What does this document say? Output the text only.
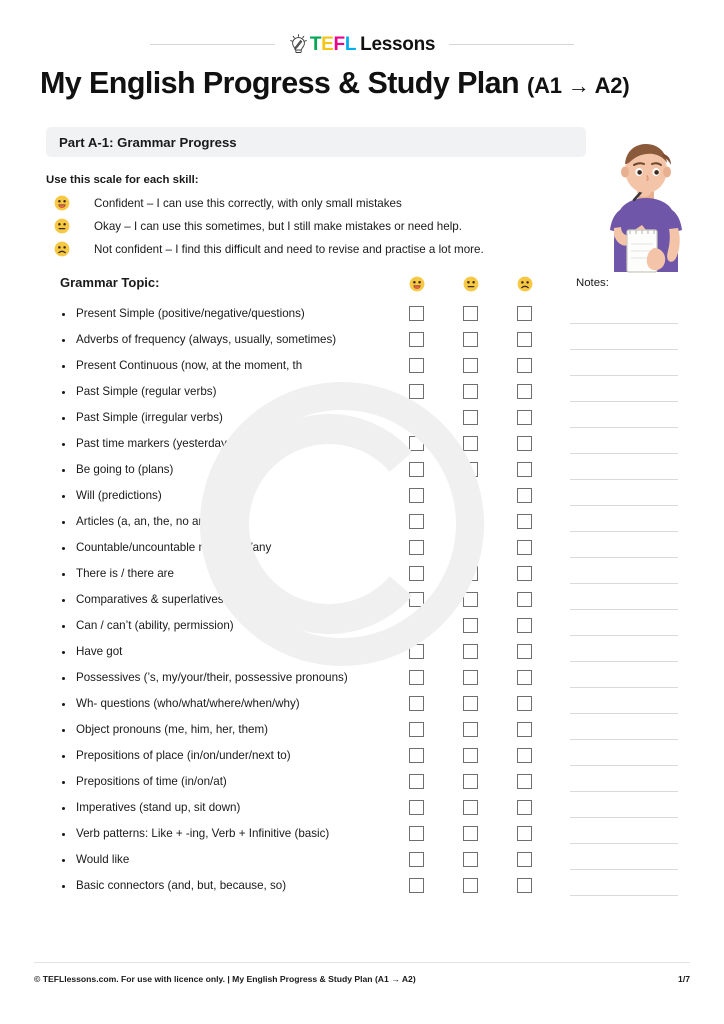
TEFL Lessons
My English Progress & Study Plan (A1 → A2)
Part A-1: Grammar Progress
Use this scale for each skill:
Confident – I can use this correctly, with only small mistakes
Okay – I can use this sometimes, but I still make mistakes or need help.
Not confident – I find this difficult and need to revise and practise a lot more.
Grammar Topic:	Notes:
Present Simple (positive/negative/questions)
Adverbs of frequency (always, usually, sometimes)
Present Continuous (now, at the moment, th
Past Simple (regular verbs)
Past Simple (irregular verbs)
Past time markers (yesterday o, last ck)
Be going to (plans)
Will (predictions)
Articles (a, an, the, no article)
Countable/uncountable nouns me/any
There is / there are
Comparatives & superlatives
Can / can’t (ability, permission)
Have got
Possessives (’s, my/your/their, possessive pronouns)
Wh- questions (who/what/where/when/why)
Object pronouns (me, him, her, them)
Prepositions of place (in/on/under/next to)
Prepositions of time (in/on/at)
Imperatives (stand up, sit down)
Verb patterns: Like + -ing, Verb + Infinitive (basic)
Would like
Basic connectors (and, but, because, so)
© TEFLlessons.com. For use with licence only. | My English Progress & Study Plan (A1 → A2)	1/7
